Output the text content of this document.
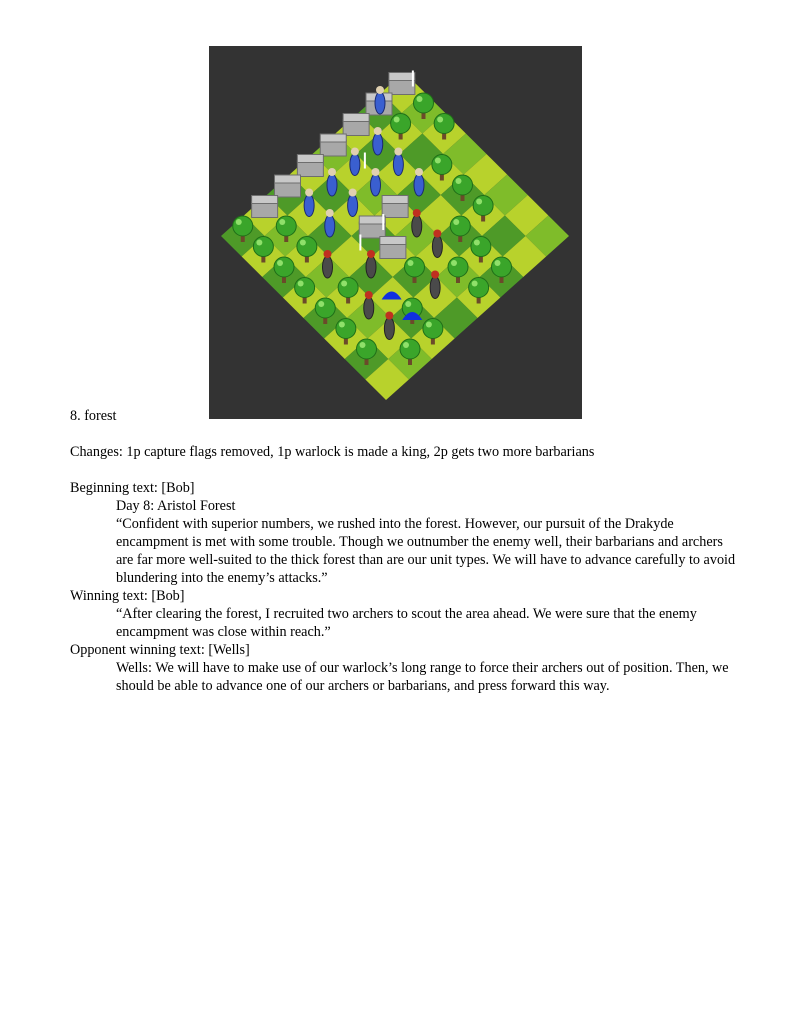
8. forest
Changes: 1p capture flags removed, 1p warlock is made a king, 2p gets two more barbarians
Beginning text: [Bob]
Day 8: Aristol Forest
“Confident with superior numbers, we rushed into the forest. However, our pursuit of the Drakyde encampment is met with some trouble. Though we outnumber the enemy well, their barbarians and archers are far more well-suited to the thick forest than are our unit types. We will have to advance carefully to avoid blundering into the enemy’s attacks.”
Winning text: [Bob]
“After clearing the forest, I recruited two archers to scout the area ahead. We were sure that the enemy encampment was close within reach.”
Opponent winning text: [Wells]
Wells: We will have to make use of our warlock’s long range to force their archers out of position. Then, we should be able to advance one of our archers or barbarians, and press forward this way.
